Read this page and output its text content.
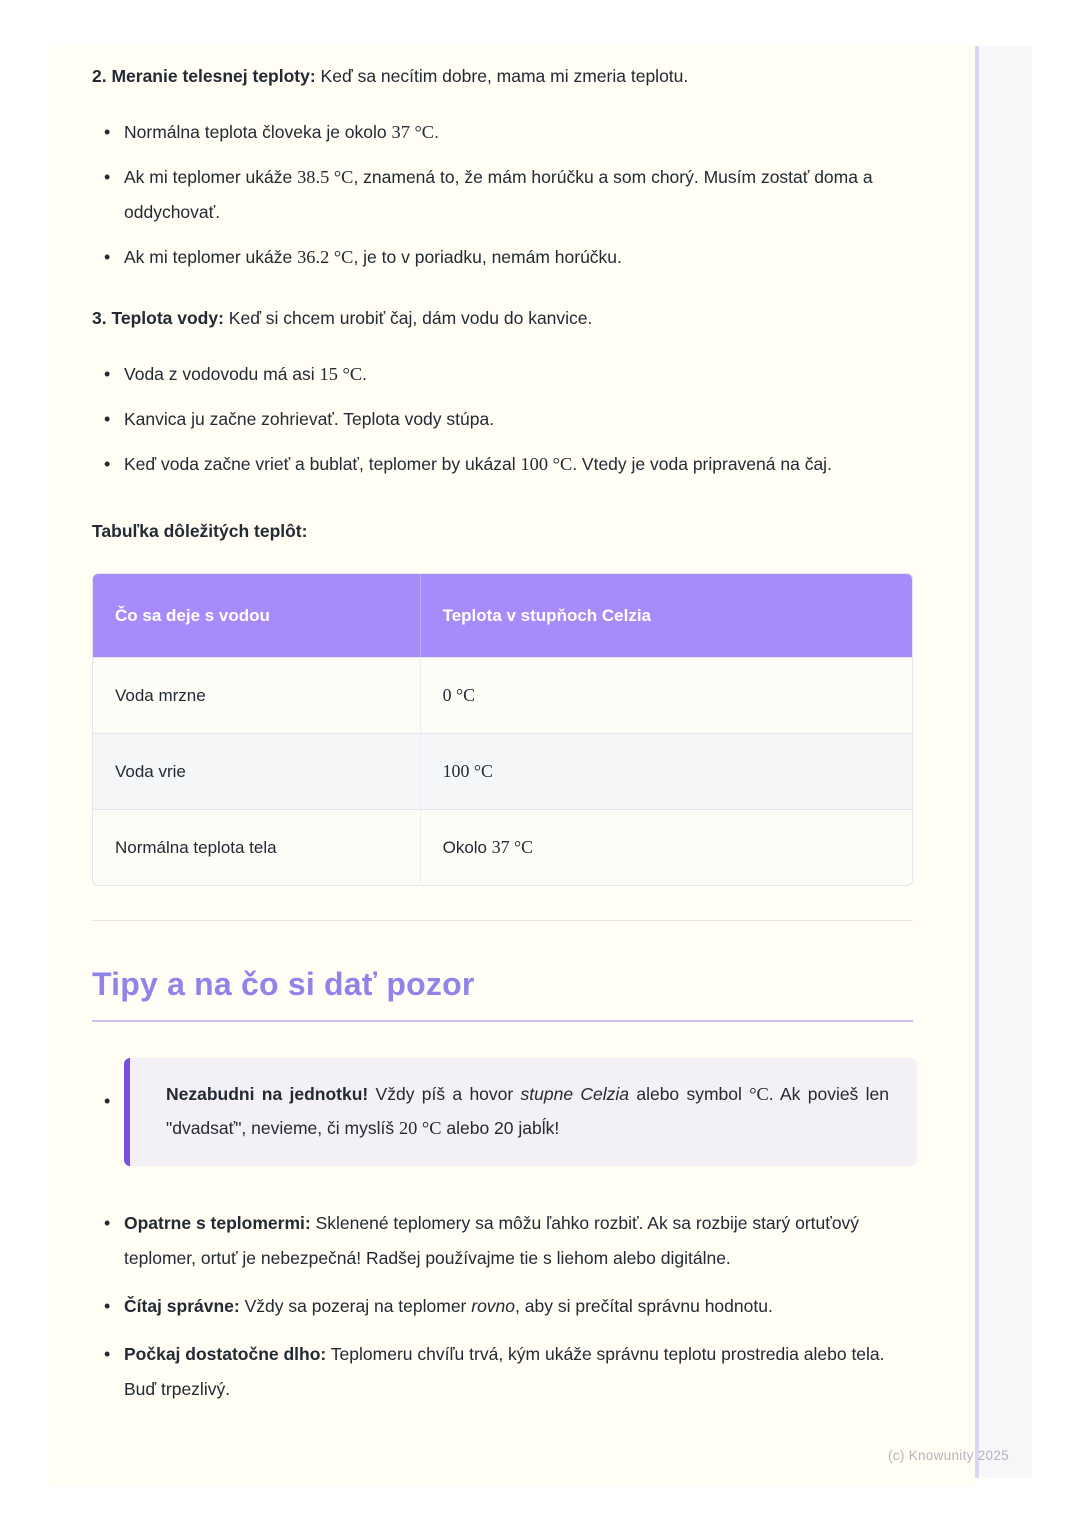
2. Meranie telesnej teploty: Keď sa necítim dobre, mama mi zmeria teplotu.

• Normálna teplota človeka je okolo 37 °C.
• Ak mi teplomer ukáže 38.5 °C, znamená to, že mám horúčku a som chorý. Musím zostať doma a oddychovať.
• Ak mi teplomer ukáže 36.2 °C, je to v poriadku, nemám horúčku.

3. Teplota vody: Keď si chcem urobiť čaj, dám vodu do kanvice.

• Voda z vodovodu má asi 15 °C.
• Kanvica ju začne zohrievať. Teplota vody stúpa.
• Keď voda začne vrieť a bublať, teplomer by ukázal 100 °C. Vtedy je voda pripravená na čaj.

Tabuľka dôležitých teplôt:

Čo sa deje s vodou	Teplota v stupňoch Celzia
Voda mrzne	0 °C
Voda vrie	100 °C
Normálna teplota tela	Okolo 37 °C
Tipy a na čo si dať pozor
•	Nezabudni na jednotku! Vždy píš a hovor stupne Celzia alebo symbol °C. Ak povieš len "dvadsať", nevieme, či myslíš 20 °C alebo 20 jabĺk!

• Opatrne s teplomermi: Sklenené teplomery sa môžu ľahko rozbiť. Ak sa rozbije starý ortuťový teplomer, ortuť je nebezpečná! Radšej používajme tie s liehom alebo digitálne.
• Čítaj správne: Vždy sa pozeraj na teplomer rovno, aby si prečítal správnu hodnotu.
• Počkaj dostatočne dlho: Teplomeru chvíľu trvá, kým ukáže správnu teplotu prostredia alebo tela. Buď trpezlivý.
(c) Knowunity 2025
